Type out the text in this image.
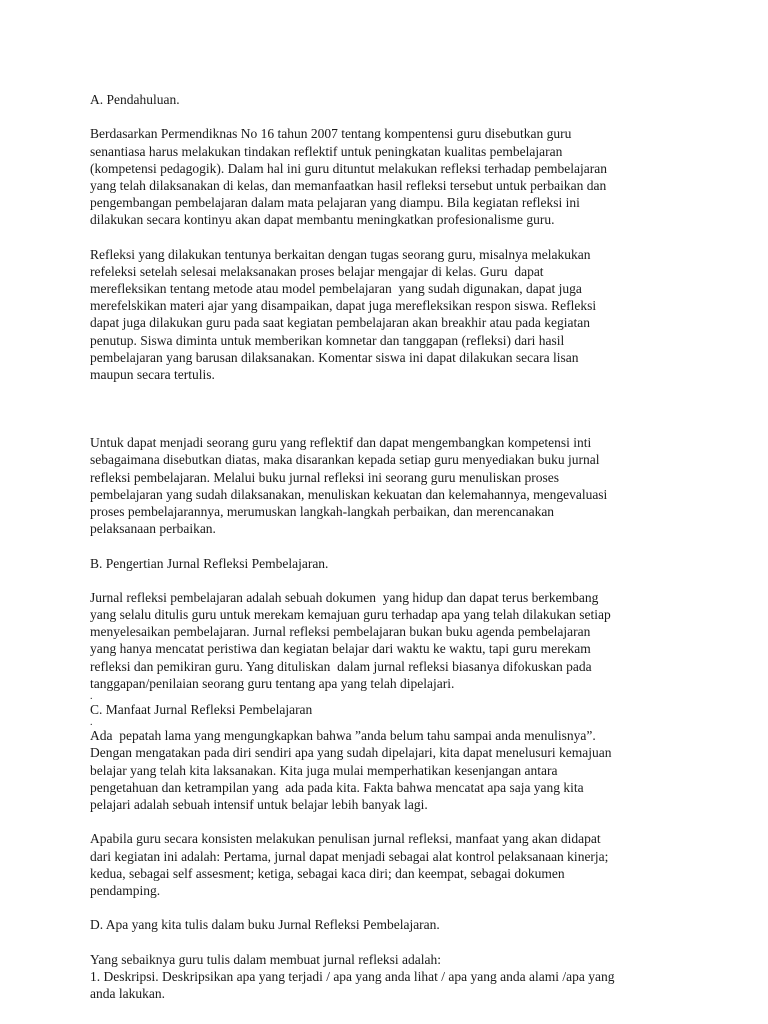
A. Pendahuluan.
Berdasarkan Permendiknas No 16 tahun 2007 tentang kompentensi guru disebutkan guru
senantiasa harus melakukan tindakan reflektif untuk peningkatan kualitas pembelajaran
(kompetensi pedagogik). Dalam hal ini guru dituntut melakukan refleksi terhadap pembelajaran
yang telah dilaksanakan di kelas, dan memanfaatkan hasil refleksi tersebut untuk perbaikan dan
pengembangan pembelajaran dalam mata pelajaran yang diampu. Bila kegiatan refleksi ini
dilakukan secara kontinyu akan dapat membantu meningkatkan profesionalisme guru.
Refleksi yang dilakukan tentunya berkaitan dengan tugas seorang guru, misalnya melakukan
refeleksi setelah selesai melaksanakan proses belajar mengajar di kelas. Guru  dapat
merefleksikan tentang metode atau model pembelajaran  yang sudah digunakan, dapat juga
merefelskikan materi ajar yang disampaikan, dapat juga merefleksikan respon siswa. Refleksi
dapat juga dilakukan guru pada saat kegiatan pembelajaran akan breakhir atau pada kegiatan
penutup. Siswa diminta untuk memberikan komnetar dan tanggapan (refleksi) dari hasil
pembelajaran yang barusan dilaksanakan. Komentar siswa ini dapat dilakukan secara lisan
maupun secara tertulis.
Untuk dapat menjadi seorang guru yang reflektif dan dapat mengembangkan kompetensi inti
sebagaimana disebutkan diatas, maka disarankan kepada setiap guru menyediakan buku jurnal
refleksi pembelajaran. Melalui buku jurnal refleksi ini seorang guru menuliskan proses
pembelajaran yang sudah dilaksanakan, menuliskan kekuatan dan kelemahannya, mengevaluasi
proses pembelajarannya, merumuskan langkah-langkah perbaikan, dan merencanakan
pelaksanaan perbaikan.
B. Pengertian Jurnal Refleksi Pembelajaran.
Jurnal refleksi pembelajaran adalah sebuah dokumen  yang hidup dan dapat terus berkembang
yang selalu ditulis guru untuk merekam kemajuan guru terhadap apa yang telah dilakukan setiap
menyelesaikan pembelajaran. Jurnal refleksi pembelajaran bukan buku agenda pembelajaran
yang hanya mencatat peristiwa dan kegiatan belajar dari waktu ke waktu, tapi guru merekam
refleksi dan pemikiran guru. Yang dituliskan  dalam jurnal refleksi biasanya difokuskan pada
tanggapan/penilaian seorang guru tentang apa yang telah dipelajari.
.
C. Manfaat Jurnal Refleksi Pembelajaran
.
Ada  pepatah lama yang mengungkapkan bahwa ”anda belum tahu sampai anda menulisnya”.
Dengan mengatakan pada diri sendiri apa yang sudah dipelajari, kita dapat menelusuri kemajuan
belajar yang telah kita laksanakan. Kita juga mulai memperhatikan kesenjangan antara
pengetahuan dan ketrampilan yang  ada pada kita. Fakta bahwa mencatat apa saja yang kita
pelajari adalah sebuah intensif untuk belajar lebih banyak lagi.
Apabila guru secara konsisten melakukan penulisan jurnal refleksi, manfaat yang akan didapat
dari kegiatan ini adalah: Pertama, jurnal dapat menjadi sebagai alat kontrol pelaksanaan kinerja;
kedua, sebagai self assesment; ketiga, sebagai kaca diri; dan keempat, sebagai dokumen
pendamping.
D. Apa yang kita tulis dalam buku Jurnal Refleksi Pembelajaran.
Yang sebaiknya guru tulis dalam membuat jurnal refleksi adalah:
1. Deskripsi. Deskripsikan apa yang terjadi / apa yang anda lihat / apa yang anda alami /apa yang
anda lakukan.
